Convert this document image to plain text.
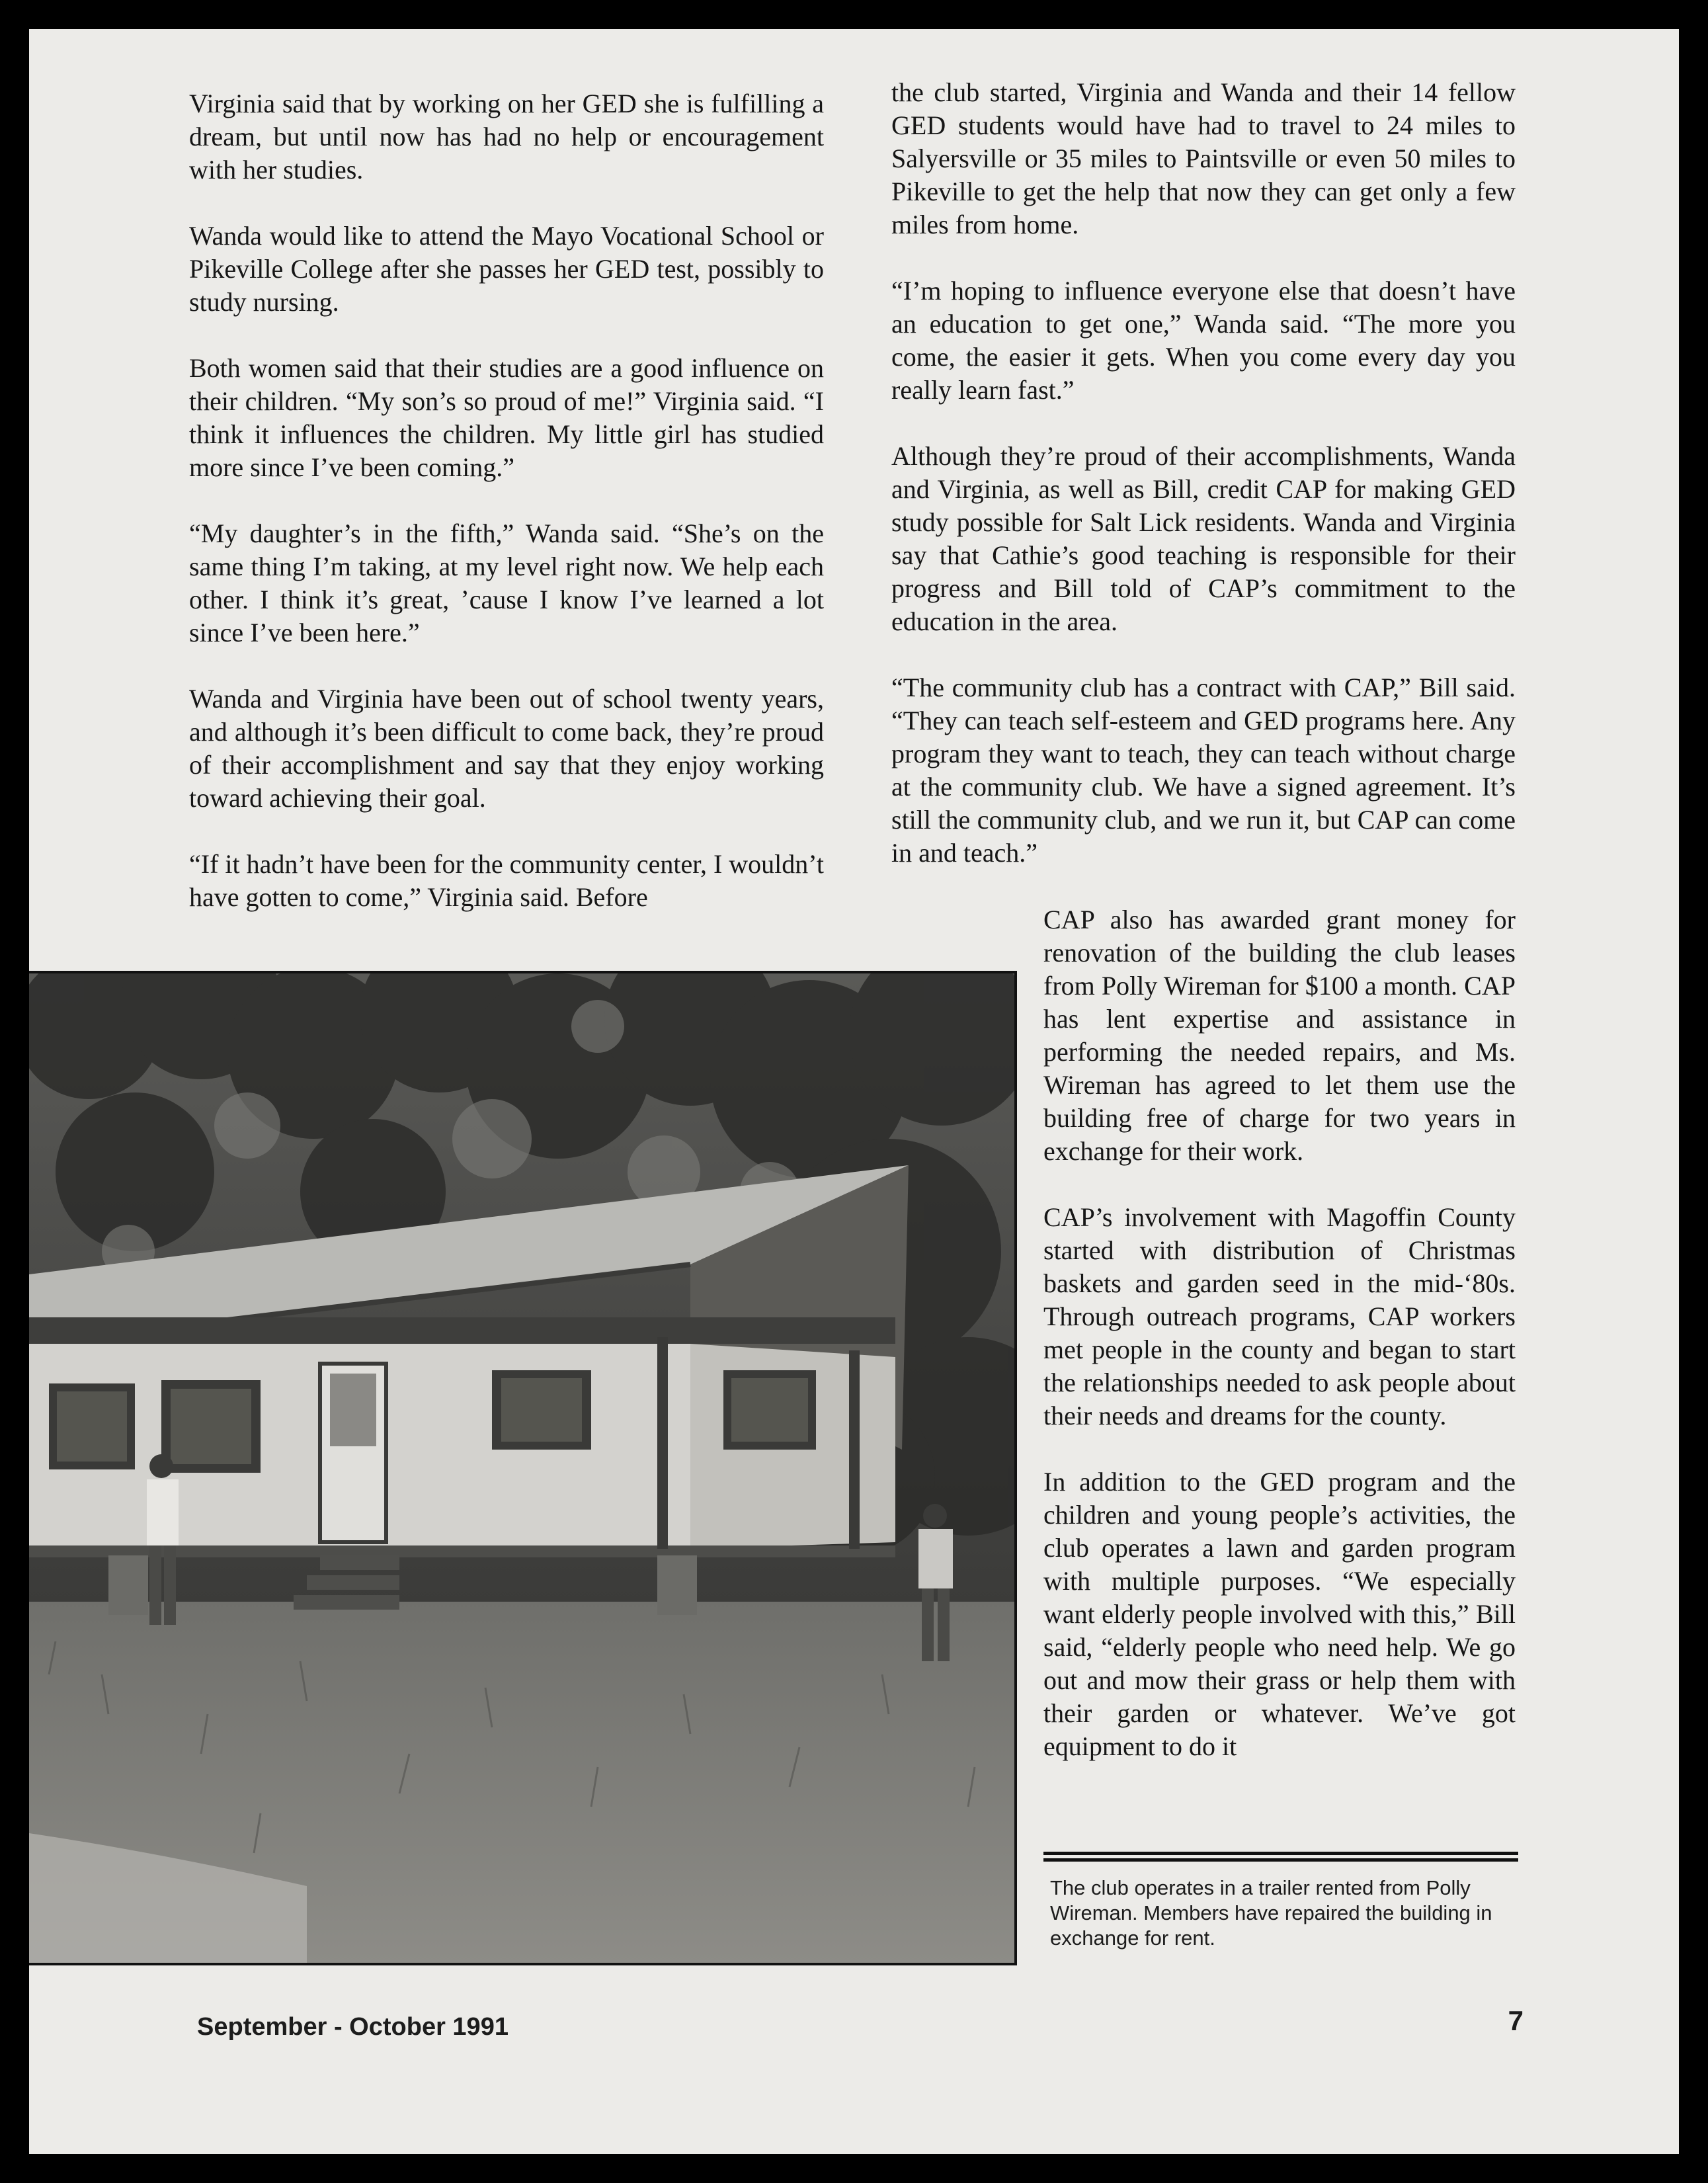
Virginia said that by working on her GED she is fulfilling a dream, but until now has had no help or encouragement with her studies.

Wanda would like to attend the Mayo Vocational School or Pikeville College after she passes her GED test, possibly to study nursing.

Both women said that their studies are a good influence on their children. “My son’s so proud of me!” Virginia said. “I think it influences the children. My little girl has studied more since I’ve been coming.”

“My daughter’s in the fifth,” Wanda said. “She’s on the same thing I’m taking, at my level right now. We help each other. I think it’s great, ’cause I know I’ve learned a lot since I’ve been here.”

Wanda and Virginia have been out of school twenty years, and although it’s been difficult to come back, they’re proud of their accomplishment and say that they enjoy working toward achieving their goal.

“If it hadn’t have been for the community center, I wouldn’t have gotten to come,” Virginia said. Before

the club started, Virginia and Wanda and their 14 fellow GED students would have had to travel to 24 miles to Salyersville or 35 miles to Paintsville or even 50 miles to Pikeville to get the help that now they can get only a few miles from home.

“I’m hoping to influence everyone else that doesn’t have an education to get one,” Wanda said. “The more you come, the easier it gets. When you come every day you really learn fast.”

Although they’re proud of their accomplishments, Wanda and Virginia, as well as Bill, credit CAP for making GED study possible for Salt Lick residents. Wanda and Virginia say that Cathie’s good teaching is responsible for their progress and Bill told of CAP’s commitment to the education in the area.

“The community club has a contract with CAP,” Bill said. “They can teach self-esteem and GED programs here. Any program they want to teach, they can teach without charge at the community club. We have a signed agreement. It’s still the community club, and we run it, but CAP can come in and teach.”

CAP also has awarded grant money for renovation of the building the club leases from Polly Wireman for $100 a month. CAP has lent expertise and assistance in performing the needed repairs, and Ms. Wireman has agreed to let them use the building free of charge for two years in exchange for their work.

CAP’s involvement with Magoffin County started with distribution of Christmas baskets and garden seed in the mid-‘80s. Through outreach programs, CAP workers met people in the county and began to start the relationships needed to ask people about their needs and dreams for the county.

In addition to the GED program and the children and young people’s activities, the club operates a lawn and garden program with multiple purposes. “We especially want elderly people involved with this,” Bill said, “elderly people who need help. We go out and mow their grass or help them with their garden or whatever. We’ve got equipment to do it

The club operates in a trailer rented from Polly Wireman. Members have repaired the building in exchange for rent.
September - October 1991	7
